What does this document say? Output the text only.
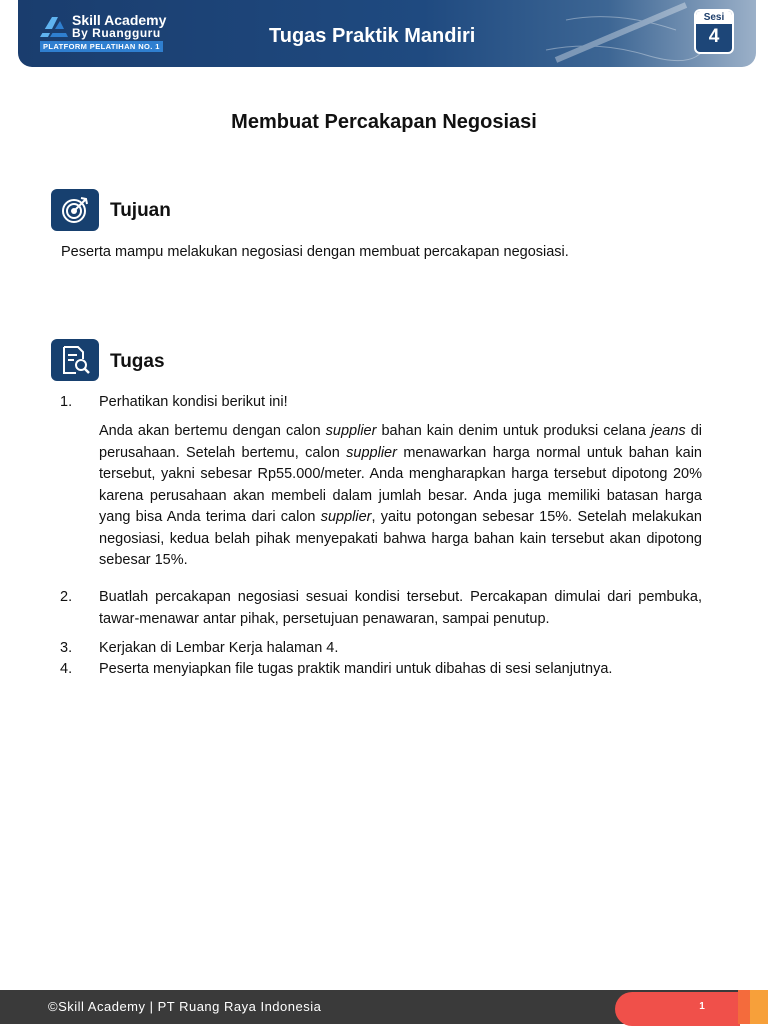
Skill Academy
By Ruangguru
PLATFORM PELATIHAN NO. 1	Tugas Praktik Mandiri
Sesi
4
Membuat Percakapan Negosiasi
Tujuan
Peserta mampu melakukan negosiasi dengan membuat percakapan negosiasi.
Tugas
1. Perhatikan kondisi berikut ini!
Anda akan bertemu dengan calon supplier bahan kain denim untuk produksi celana jeans di perusahaan. Setelah bertemu, calon supplier menawarkan harga normal untuk bahan kain tersebut, yakni sebesar Rp55.000/meter. Anda mengharapkan harga tersebut dipotong 20% karena perusahaan akan membeli dalam jumlah besar. Anda juga memiliki batasan harga yang bisa Anda terima dari calon supplier, yaitu potongan sebesar 15%. Setelah melakukan negosiasi, kedua belah pihak menyepakati bahwa harga bahan kain tersebut akan dipotong sebesar 15%.
2. Buatlah percakapan negosiasi sesuai kondisi tersebut. Percakapan dimulai dari pembuka, tawar-menawar antar pihak, persetujuan penawaran, sampai penutup.
3. Kerjakan di Lembar Kerja halaman 4.
4. Peserta menyiapkan file tugas praktik mandiri untuk dibahas di sesi selanjutnya.
©Skill Academy | PT Ruang Raya Indonesia	1
